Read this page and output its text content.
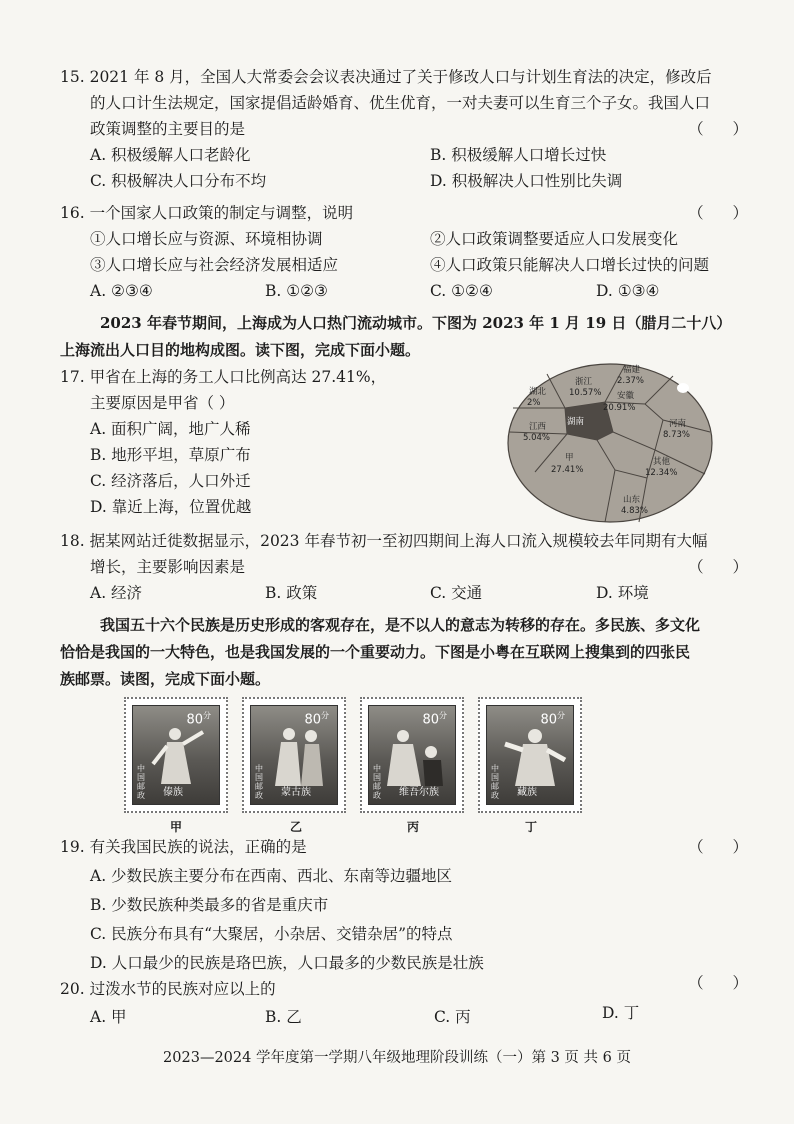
15. 2021 年 8 月，全国人大常委会会议表决通过了关于修改人口与计划生育法的决定，修改后
的人口计生法规定，国家提倡适龄婚育、优生优育，一对夫妻可以生育三个子女。我国人口
政策调整的主要目的是	（ ）
A. 积极缓解人口老龄化	B. 积极缓解人口增长过快
C. 积极解决人口分布不均	D. 积极解决人口性别比失调
16. 一个国家人口政策的制定与调整，说明	（ ）
①人口增长应与资源、环境相协调	②人口政策调整要适应人口发展变化
③人口增长应与社会经济发展相适应	④人口政策只能解决人口增长过快的问题
A. ②③④	B. ①②③	C. ①②④	D. ①③④
2023 年春节期间，上海成为人口热门流动城市。下图为 2023 年 1 月 19 日（腊月二十八）
上海流出人口目的地构成图。读下图，完成下面小题。
17. 甲省在上海的务工人口比例高达 27.41%，
主要原因是甲省（ ）
A. 面积广阔，地广人稀
B. 地形平坦，草原广布
C. 经济落后，人口外迁
D. 靠近上海，位置优越
福建
2.37%
浙江
10.57% 安徽
20.91%
河南
8.73%
其他
12.34%
山东
4.83%
甲
27.41%
江西
5.04%
湖北
2%
湖南
18. 据某网站迁徙数据显示，2023 年春节初一至初四期间上海人口流入规模较去年同期有大幅
增长，主要影响因素是	（ ）
A. 经济	B. 政策	C. 交通	D. 环境
我国五十六个民族是历史形成的客观存在，是不以人的意志为转移的存在。多民族、多文化
恰恰是我国的一大特色，也是我国发展的一个重要动力。下图是小粤在互联网上搜集到的四张民
族邮票。读图，完成下面小题。
$80^分$
中国邮政	傣族
$80^分$
中国邮政	蒙古族
$80^分$
中国邮政	维吾尔族
$80^分$
中国邮政	藏族
甲	乙	丙	丁
19. 有关我国民族的说法，正确的是	（ ）
A. 少数民族主要分布在西南、西北、东南等边疆地区
B. 少数民族种类最多的省是重庆市
C. 民族分布具有“大聚居，小杂居、交错杂居”的特点
D. 人口最少的民族是珞巴族，人口最多的少数民族是壮族
20. 过泼水节的民族对应以上的	（ ）
A. 甲	B. 乙	C. 丙	D. 丁
2023—2024 学年度第一学期八年级地理阶段训练（一）第 3 页 共 6 页
